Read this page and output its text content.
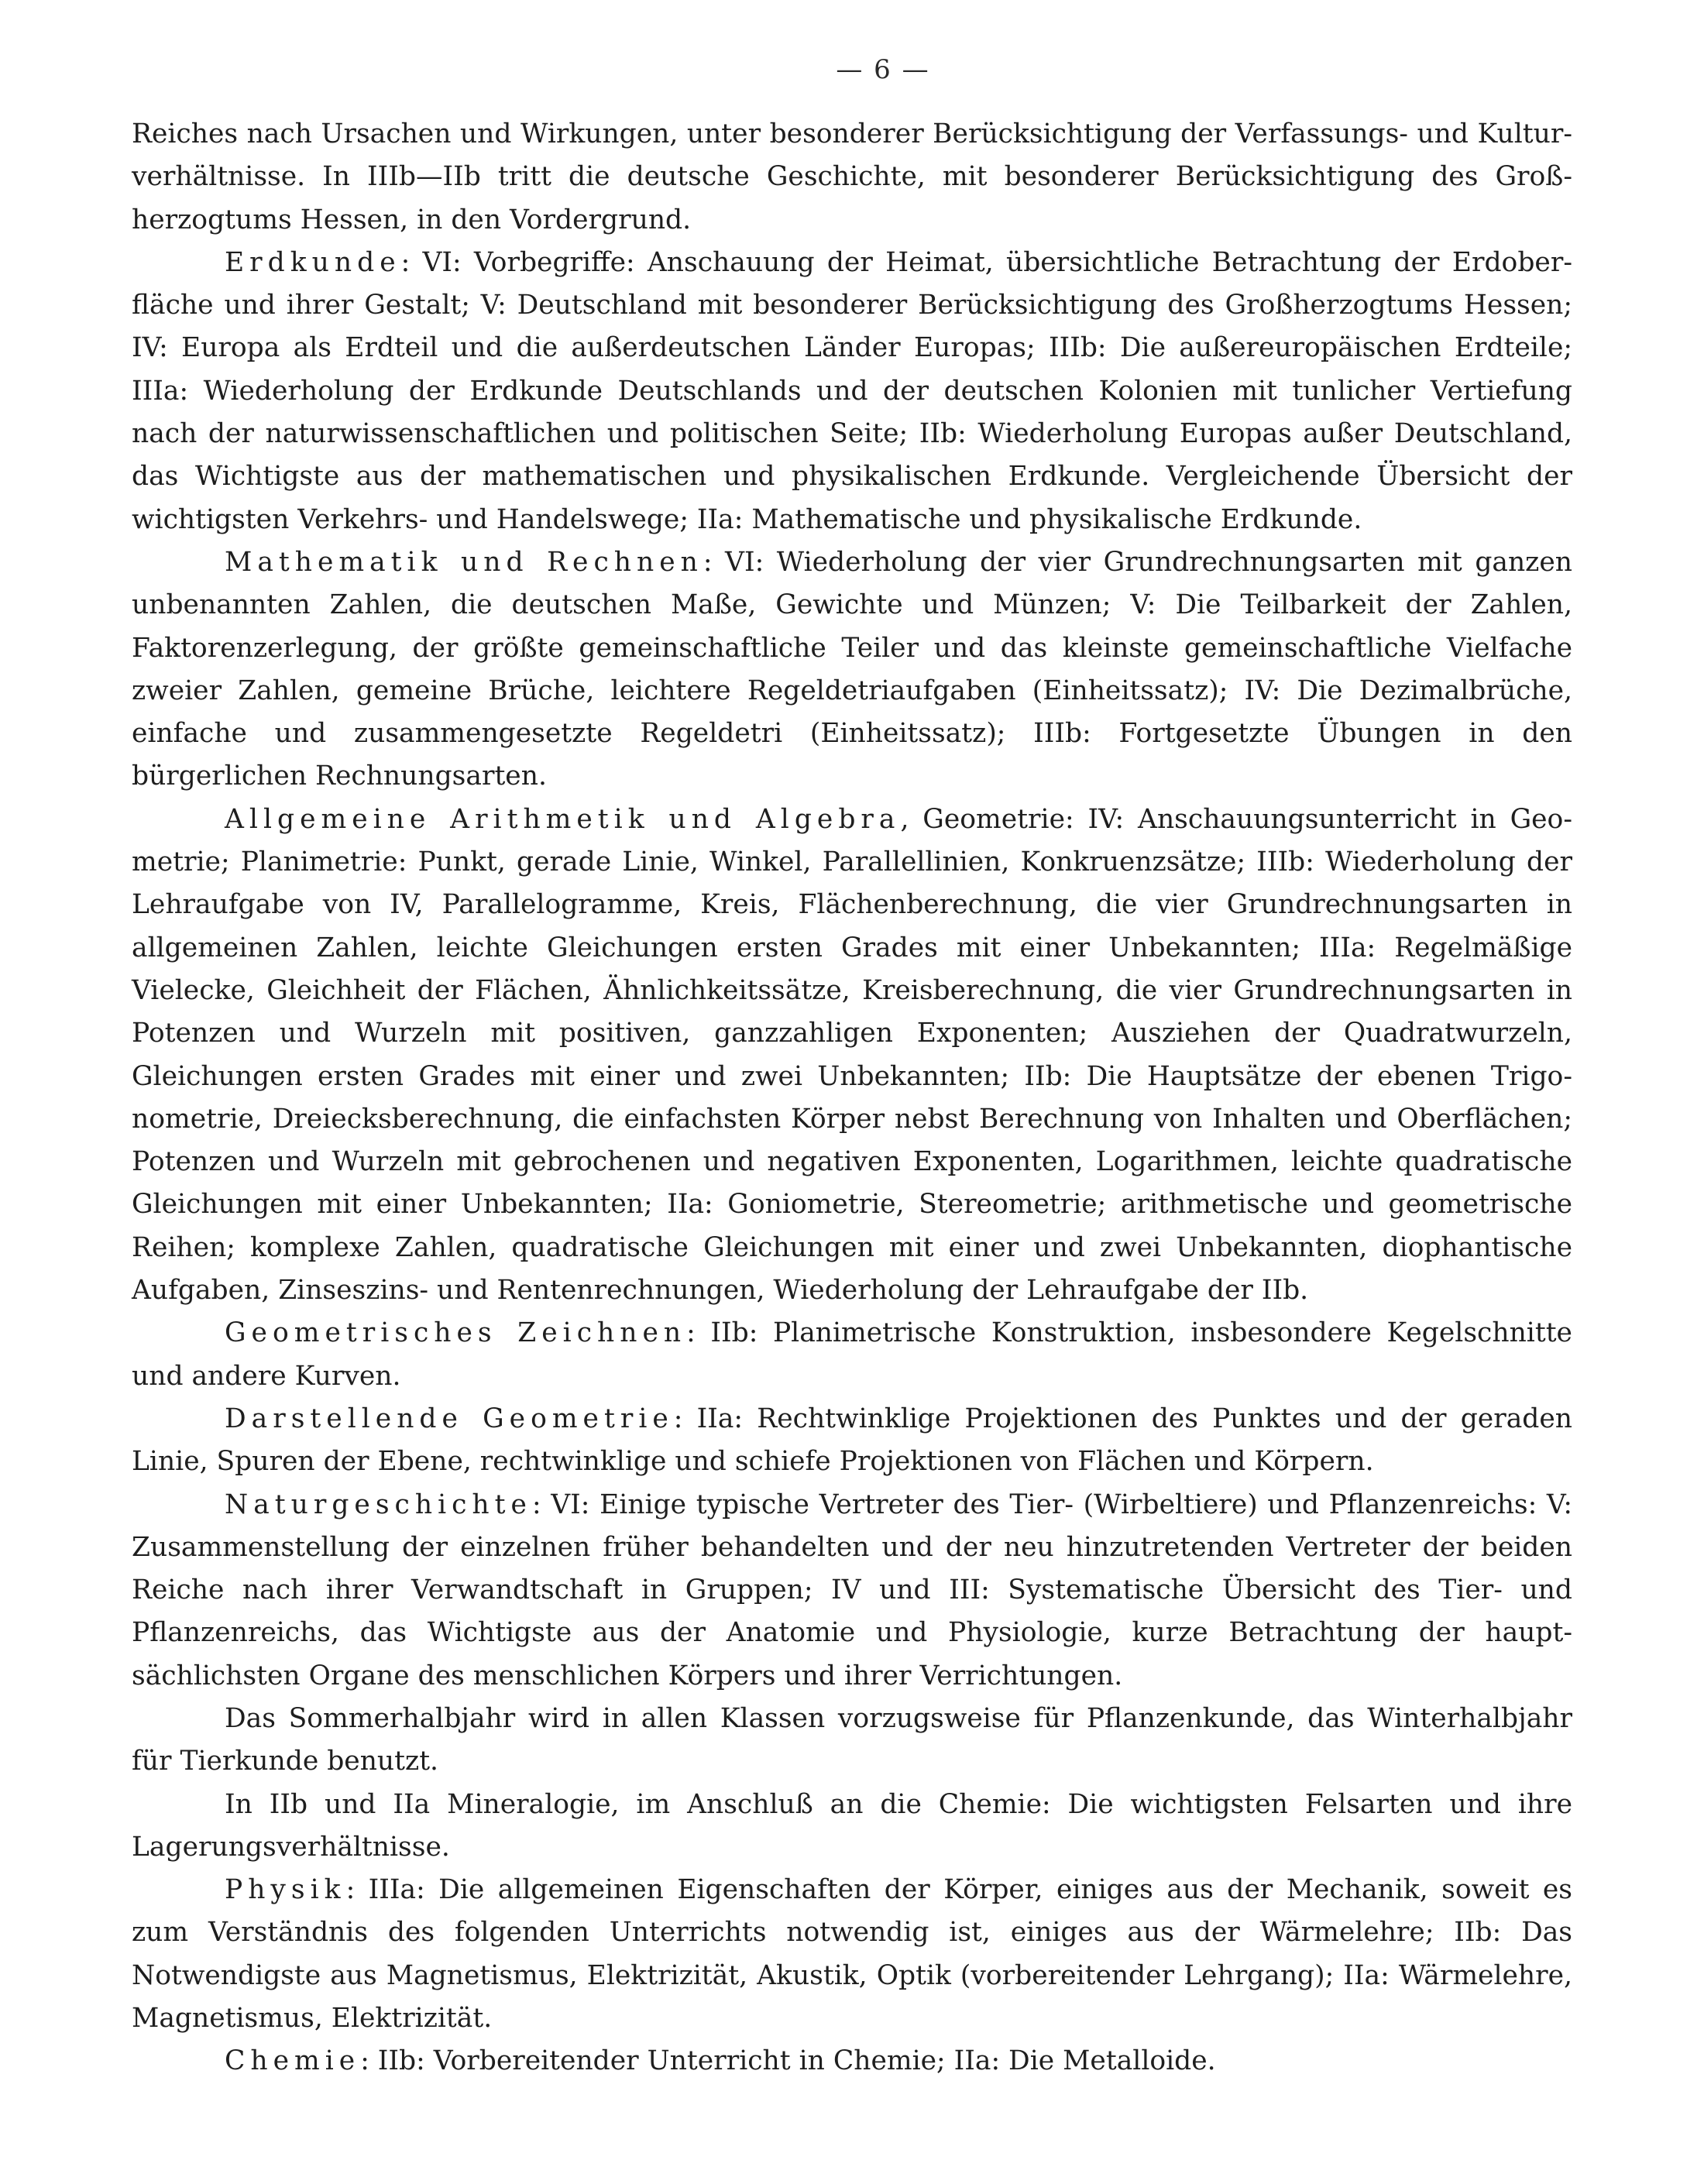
— 6 —

Reiches nach Ursachen und Wirkungen, unter besonderer Berücksichtigung der Verfassungs- und Kulturverhältnisse. In IIIb—IIb tritt die deutsche Geschichte, mit besonderer Berücksichtigung des Großherzogtums Hessen, in den Vordergrund.

Erdkunde: VI: Vorbegriffe: Anschauung der Heimat, übersichtliche Betrachtung der Erdoberfläche und ihrer Gestalt; V: Deutschland mit besonderer Berücksichtigung des Großherzogtums Hessen; IV: Europa als Erdteil und die außerdeutschen Länder Europas; IIIb: Die außereuropäischen Erdteile; IIIa: Wiederholung der Erdkunde Deutschlands und der deutschen Kolonien mit tunlicher Vertiefung nach der naturwissenschaftlichen und politischen Seite; IIb: Wiederholung Europas außer Deutschland, das Wichtigste aus der mathematischen und physikalischen Erdkunde. Vergleichende Übersicht der wichtigsten Verkehrs- und Handelswege; IIa: Mathematische und physikalische Erdkunde.

Mathematik und Rechnen: VI: Wiederholung der vier Grundrechnungsarten mit ganzen unbenannten Zahlen, die deutschen Maße, Gewichte und Münzen; V: Die Teilbarkeit der Zahlen, Faktorenzerlegung, der größte gemeinschaftliche Teiler und das kleinste gemeinschaftliche Vielfache zweier Zahlen, gemeine Brüche, leichtere Regeldetriaufgaben (Einheitssatz); IV: Die Dezimalbrüche, einfache und zusammengesetzte Regeldetri (Einheitssatz); IIIb: Fortgesetzte Übungen in den bürgerlichen Rechnungsarten.

Allgemeine Arithmetik und Algebra, Geometrie: IV: Anschauungsunterricht in Geometrie; Planimetrie: Punkt, gerade Linie, Winkel, Parallellinien, Konkruenzsätze; IIIb: Wiederholung der Lehraufgabe von IV, Parallelogramme, Kreis, Flächenberechnung, die vier Grundrechnungsarten in allgemeinen Zahlen, leichte Gleichungen ersten Grades mit einer Unbekannten; IIIa: Regelmäßige Vielecke, Gleichheit der Flächen, Ähnlichkeitssätze, Kreisberechnung, die vier Grundrechnungsarten in Potenzen und Wurzeln mit positiven, ganzzahligen Exponenten; Ausziehen der Quadratwurzeln, Gleichungen ersten Grades mit einer und zwei Unbekannten; IIb: Die Hauptsätze der ebenen Trigonometrie, Dreiecksberechnung, die einfachsten Körper nebst Berechnung von Inhalten und Oberflächen; Potenzen und Wurzeln mit gebrochenen und negativen Exponenten, Logarithmen, leichte quadratische Gleichungen mit einer Unbekannten; IIa: Goniometrie, Stereometrie; arithmetische und geometrische Reihen; komplexe Zahlen, quadratische Gleichungen mit einer und zwei Unbekannten, diophantische Aufgaben, Zinseszins- und Rentenrechnungen, Wiederholung der Lehraufgabe der IIb.

Geometrisches Zeichnen: IIb: Planimetrische Konstruktion, insbesondere Kegelschnitte und andere Kurven.

Darstellende Geometrie: IIa: Rechtwinklige Projektionen des Punktes und der geraden Linie, Spuren der Ebene, rechtwinklige und schiefe Projektionen von Flächen und Körpern.

Naturgeschichte: VI: Einige typische Vertreter des Tier- (Wirbeltiere) und Pflanzenreichs: V: Zusammenstellung der einzelnen früher behandelten und der neu hinzutretenden Vertreter der beiden Reiche nach ihrer Verwandtschaft in Gruppen; IV und III: Systematische Übersicht des Tier- und Pflanzenreichs, das Wichtigste aus der Anatomie und Physiologie, kurze Betrachtung der hauptsächlichsten Organe des menschlichen Körpers und ihrer Verrichtungen.

Das Sommerhalbjahr wird in allen Klassen vorzugsweise für Pflanzenkunde, das Winterhalbjahr für Tierkunde benutzt.

In IIb und IIa Mineralogie, im Anschluß an die Chemie: Die wichtigsten Felsarten und ihre Lagerungsverhältnisse.

Physik: IIIa: Die allgemeinen Eigenschaften der Körper, einiges aus der Mechanik, soweit es zum Verständnis des folgenden Unterrichts notwendig ist, einiges aus der Wärmelehre; IIb: Das Notwendigste aus Magnetismus, Elektrizität, Akustik, Optik (vorbereitender Lehrgang); IIa: Wärmelehre, Magnetismus, Elektrizität.

Chemie: IIb: Vorbereitender Unterricht in Chemie; IIa: Die Metalloide.
